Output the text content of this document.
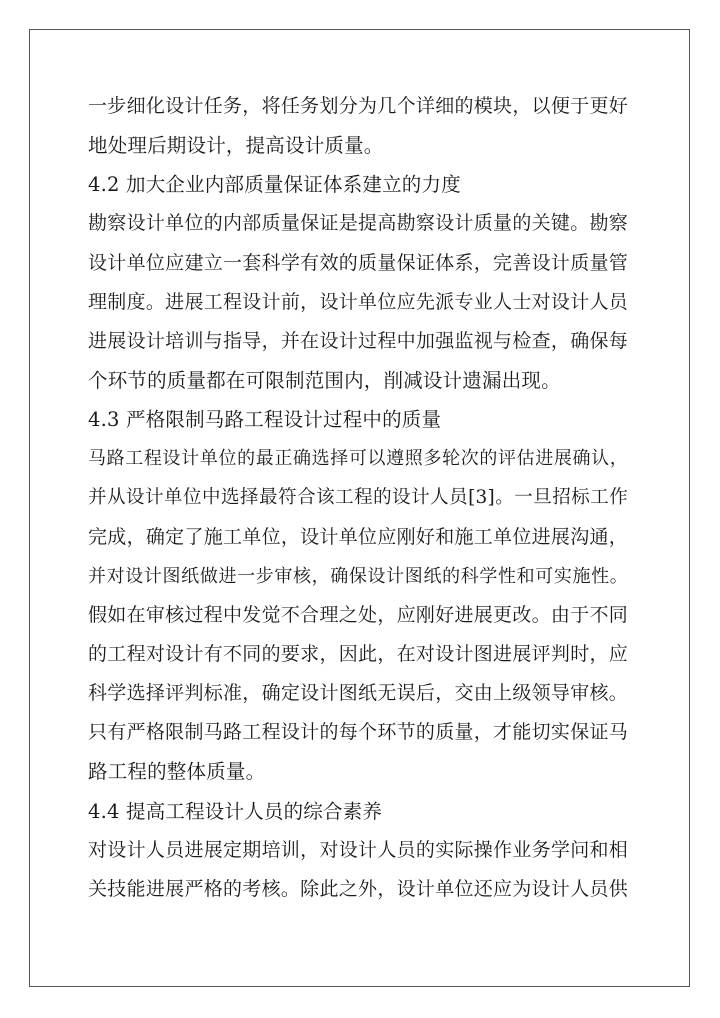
一步细化设计任务，将任务划分为几个详细的模块，以便于更好
地处理后期设计，提高设计质量。
4.2 加大企业内部质量保证体系建立的力度
勘察设计单位的内部质量保证是提高勘察设计质量的关键。勘察
设计单位应建立一套科学有效的质量保证体系，完善设计质量管
理制度。进展工程设计前，设计单位应先派专业人士对设计人员
进展设计培训与指导，并在设计过程中加强监视与检查，确保每
个环节的质量都在可限制范围内，削减设计遗漏出现。
4.3 严格限制马路工程设计过程中的质量
马路工程设计单位的最正确选择可以遵照多轮次的评估进展确认，
并从设计单位中选择最符合该工程的设计人员[3]。一旦招标工作
完成，确定了施工单位，设计单位应刚好和施工单位进展沟通，
并对设计图纸做进一步审核，确保设计图纸的科学性和可实施性。
假如在审核过程中发觉不合理之处，应刚好进展更改。由于不同
的工程对设计有不同的要求，因此，在对设计图进展评判时，应
科学选择评判标准，确定设计图纸无误后，交由上级领导审核。
只有严格限制马路工程设计的每个环节的质量，才能切实保证马
路工程的整体质量。
4.4 提高工程设计人员的综合素养
对设计人员进展定期培训，对设计人员的实际操作业务学问和相
关技能进展严格的考核。除此之外，设计单位还应为设计人员供
